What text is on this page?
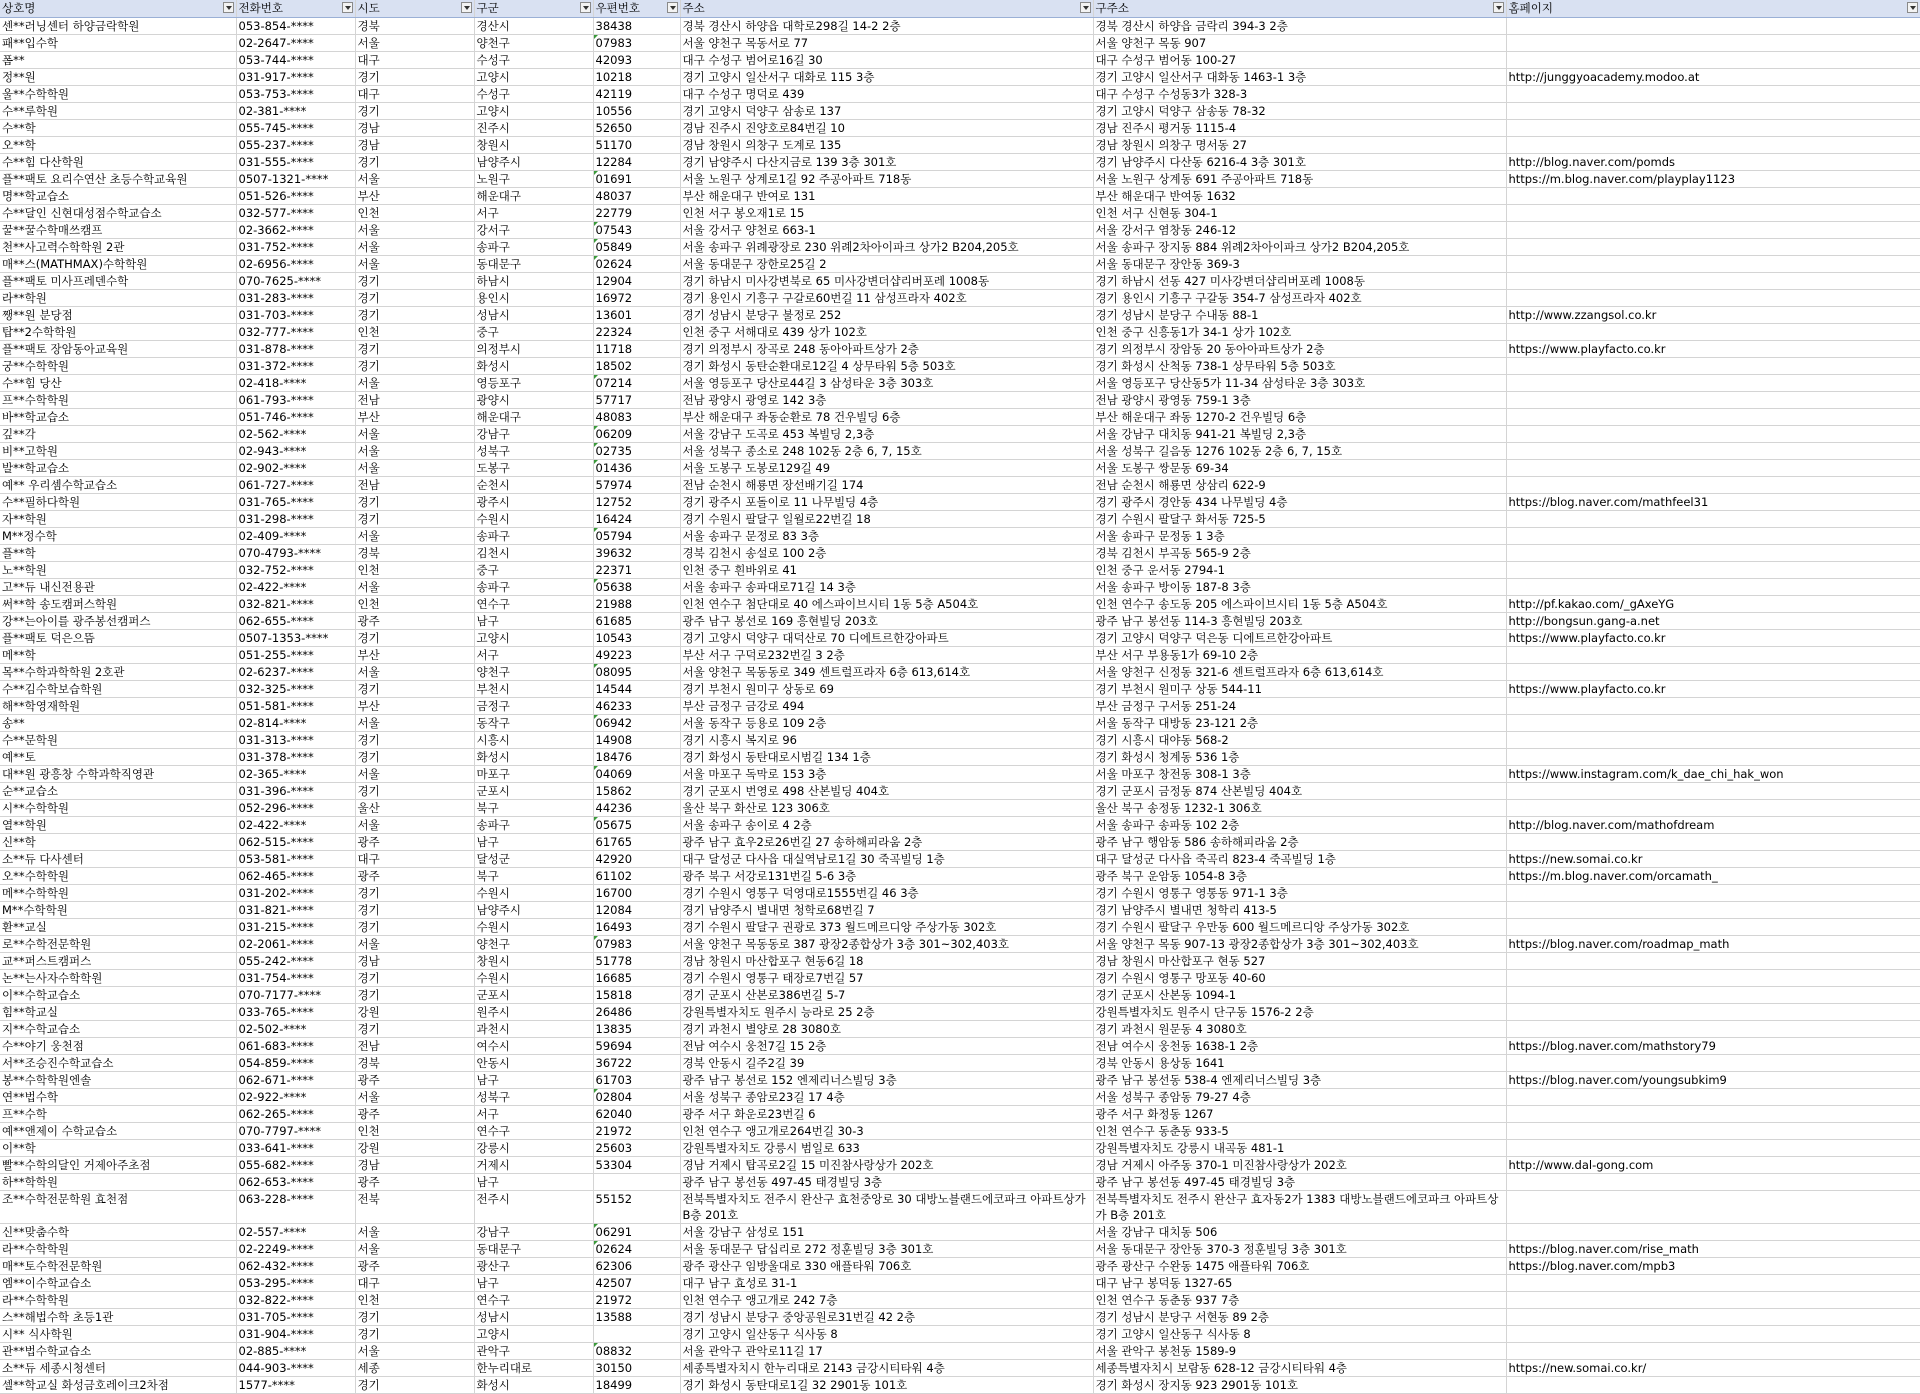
상호명	전화번호	시도	구군	우편번호	주소	구주소	홈페이지

센**러닝센터 하양금락학원	053-854-****	경북	경산시	38438	경북 경산시 하양읍 대학로298길 14-2 2층	경북 경산시 하양읍 금락리 394-3 2층	
패**입수학	02-2647-****	서울	양천구	07983	서울 양천구 목동서로 77	서울 양천구 목동 907	
폼**	053-744-****	대구	수성구	42093	대구 수성구 범어로16길 30	대구 수성구 범어동 100-27	
정**원	031-917-****	경기	고양시	10218	경기 고양시 일산서구 대화로 115 3층	경기 고양시 일산서구 대화동 1463-1 3층	http://junggyoacademy.modoo.at
울**수학학원	053-753-****	대구	수성구	42119	대구 수성구 명덕로 439	대구 수성구 수성동3가 328-3	
수**루학원	02-381-****	경기	고양시	10556	경기 고양시 덕양구 삼송로 137	경기 고양시 덕양구 삼송동 78-32	
수**학	055-745-****	경남	진주시	52650	경남 진주시 진양호로84번길 10	경남 진주시 평거동 1115-4	
오**학	055-237-****	경남	창원시	51170	경남 창원시 의창구 도계로 135	경남 창원시 의창구 명서동 27	
수**힘 다산학원	031-555-****	경기	남양주시	12284	경기 남양주시 다산지금로 139 3층 301호	경기 남양주시 다산동 6216-4 3층 301호	http://blog.naver.com/pomds
플**팩토 요리수연산 초등수학교육원	0507-1321-****	서울	노원구	01691	서울 노원구 상계로1길 92 주공아파트 718동	서울 노원구 상계동 691 주공아파트 718동	https://m.blog.naver.com/playplay1123
명**학교습소	051-526-****	부산	해운대구	48037	부산 해운대구 반여로 131	부산 해운대구 반여동 1632	
수**달인 신현대성점수학교습소	032-577-****	인천	서구	22779	인천 서구 봉오재1로 15	인천 서구 신현동 304-1	
꿀**꿀수학매쓰캠프	02-3662-****	서울	강서구	07543	서울 강서구 양천로 663-1	서울 강서구 염창동 246-12	
천**사고력수학학원 2관	031-752-****	서울	송파구	05849	서울 송파구 위례광장로 230 위례2차아이파크 상가2 B204,205호	서울 송파구 장지동 884 위례2차아이파크 상가2 B204,205호	
매**스(MATHMAX)수학학원	02-6956-****	서울	동대문구	02624	서울 동대문구 장한로25길 2	서울 동대문구 장안동 369-3	
플**팩토 미사프레덴수학	070-7625-****	경기	하남시	12904	경기 하남시 미사강변북로 65 미사강변더샵리버포레 1008동	경기 하남시 선동 427 미사강변더샵리버포레 1008동	
라**학원	031-283-****	경기	용인시	16972	경기 용인시 기흥구 구갈로60번길 11 삼성프라자 402호	경기 용인시 기흥구 구갈동 354-7 삼성프라자 402호	
쨍**원 분당점	031-703-****	경기	성남시	13601	경기 성남시 분당구 불정로 252	경기 성남시 분당구 수내동 88-1	http://www.zzangsol.co.kr
탑**2수학학원	032-777-****	인천	중구	22324	인천 중구 서해대로 439 상가 102호	인천 중구 신흥동1가 34-1 상가 102호	
플**팩토 장암동아교육원	031-878-****	경기	의정부시	11718	경기 의정부시 장곡로 248 동아아파트상가 2층	경기 의정부시 장암동 20 동아아파트상가 2층	https://www.playfacto.co.kr
궁**수학학원	031-372-****	경기	화성시	18502	경기 화성시 동탄순환대로12길 4 상무타워 5층 503호	경기 화성시 산척동 738-1 상무타워 5층 503호	
수**힘 당산	02-418-****	서울	영등포구	07214	서울 영등포구 당산로44길 3 삼성타운 3층 303호	서울 영등포구 당산동5가 11-34 삼성타운 3층 303호	
프**수학학원	061-793-****	전남	광양시	57717	전남 광양시 광영로 142 3층	전남 광양시 광영동 759-1 3층	
바**학교습소	051-746-****	부산	해운대구	48083	부산 해운대구 좌동순환로 78 건우빌딩 6층	부산 해운대구 좌동 1270-2 건우빌딩 6층	
깊**각	02-562-****	서울	강남구	06209	서울 강남구 도곡로 453 복빌딩 2,3층	서울 강남구 대치동 941-21 복빌딩 2,3층	
비**고학원	02-943-****	서울	성북구	02735	서울 성북구 종소로 248 102동 2층 6, 7, 15호	서울 성북구 길음동 1276 102동 2층 6, 7, 15호	
발**학교습소	02-902-****	서울	도봉구	01436	서울 도봉구 도봉로129길 49	서울 도봉구 쌍문동 69-34	
예** 우리셈수학교습소	061-727-****	전남	순천시	57974	전남 순천시 해룡면 장선배기길 174	전남 순천시 해룡면 상삼리 622-9	
수**필하다학원	031-765-****	경기	광주시	12752	경기 광주시 포돌이로 11 나무빌딩 4층	경기 광주시 경안동 434 나무빌딩 4층	https://blog.naver.com/mathfeel31
자**학원	031-298-****	경기	수원시	16424	경기 수원시 팔달구 일월로22번길 18	경기 수원시 팔달구 화서동 725-5	
M**정수학	02-409-****	서울	송파구	05794	서울 송파구 문정로 83 3층	서울 송파구 문정동 1 3층	
플**학	070-4793-****	경북	김천시	39632	경북 김천시 송설로 100 2층	경북 김천시 부곡동 565-9 2층	
노**학원	032-752-****	인천	중구	22371	인천 중구 흰바위로 41	인천 중구 운서동 2794-1	
고**듀 내신전용관	02-422-****	서울	송파구	05638	서울 송파구 송파대로71길 14 3층	서울 송파구 방이동 187-8 3층	
써**학 송도캠퍼스학원	032-821-****	인천	연수구	21988	인천 연수구 첨단대로 40 에스파이브시티 1동 5층 A504호	인천 연수구 송도동 205 에스파이브시티 1동 5층 A504호	http://pf.kakao.com/_gAxeYG
강**는아이를 광주봉선캠퍼스	062-655-****	광주	남구	61685	광주 남구 봉선로 169 흥현빌딩 203호	광주 남구 봉선동 114-3 흥현빌딩 203호	http://bongsun.gang-a.net
플**팩토 덕은으뜸	0507-1353-****	경기	고양시	10543	경기 고양시 덕양구 대덕산로 70 디에트르한강아파트	경기 고양시 덕양구 덕은동 디에트르한강아파트	https://www.playfacto.co.kr
메**학	051-255-****	부산	서구	49223	부산 서구 구덕로232번길 3 2층	부산 서구 부용동1가 69-10 2층	
목**수학과학학원 2호관	02-6237-****	서울	양천구	08095	서울 양천구 목동동로 349 센트럴프라자 6층 613,614호	서울 양천구 신정동 321-6 센트럴프라자 6층 613,614호	
수**김수학보습학원	032-325-****	경기	부천시	14544	경기 부천시 원미구 상동로 69	경기 부천시 원미구 상동 544-11	https://www.playfacto.co.kr
해**학영재학원	051-581-****	부산	금정구	46233	부산 금정구 금강로 494	부산 금정구 구서동 251-24	
송**	02-814-****	서울	동작구	06942	서울 동작구 등용로 109 2층	서울 동작구 대방동 23-121 2층	
수**문학원	031-313-****	경기	시흥시	14908	경기 시흥시 복지로 96	경기 시흥시 대야동 568-2	
예**토	031-378-****	경기	화성시	18476	경기 화성시 동탄대로시범길 134 1층	경기 화성시 청계동 536 1층	
대**원 광흥창 수학과학직영관	02-365-****	서울	마포구	04069	서울 마포구 독막로 153 3층	서울 마포구 창전동 308-1 3층	https://www.instagram.com/k_dae_chi_hak_won
순**교습소	031-396-****	경기	군포시	15862	경기 군포시 번영로 498 산본빌딩 404호	경기 군포시 금정동 874 산본빌딩 404호	
시**수학학원	052-296-****	울산	북구	44236	울산 북구 화산로 123 306호	울산 북구 송정동 1232-1 306호	
열**학원	02-422-****	서울	송파구	05675	서울 송파구 송이로 4 2층	서울 송파구 송파동 102 2층	http://blog.naver.com/mathofdream
신**학	062-515-****	광주	남구	61765	광주 남구 효우2로26번길 27 송하해피라움 2층	광주 남구 행암동 586 송하해피라움 2층	
소**듀 다사센터	053-581-****	대구	달성군	42920	대구 달성군 다사읍 대실역남로1길 30 죽곡빌딩 1층	대구 달성군 다사읍 죽곡리 823-4 죽곡빌딩 1층	https://new.somai.co.kr
오**수학학원	062-465-****	광주	북구	61102	광주 북구 서강로131번길 5-6 3층	광주 북구 운암동 1054-8 3층	https://m.blog.naver.com/orcamath_
메**수학학원	031-202-****	경기	수원시	16700	경기 수원시 영통구 덕영대로1555번길 46 3층	경기 수원시 영통구 영통동 971-1 3층	
M**수학학원	031-821-****	경기	남양주시	12084	경기 남양주시 별내면 청학로68번길 7	경기 남양주시 별내면 청학리 413-5	
환**교실	031-215-****	경기	수원시	16493	경기 수원시 팔달구 권광로 373 월드메르디앙 주상가동 302호	경기 수원시 팔달구 우만동 600 월드메르디앙 주상가동 302호	
로**수학전문학원	02-2061-****	서울	양천구	07983	서울 양천구 목동동로 387 광장2종합상가 3층 301~302,403호	서울 양천구 목동 907-13 광장2종합상가 3층 301~302,403호	https://blog.naver.com/roadmap_math
교**퍼스트캠퍼스	055-242-****	경남	창원시	51778	경남 창원시 마산합포구 현동6길 18	경남 창원시 마산합포구 현동 527	
논**는사자수학학원	031-754-****	경기	수원시	16685	경기 수원시 영통구 태장로7번길 57	경기 수원시 영통구 망포동 40-60	
이**수학교습소	070-7177-****	경기	군포시	15818	경기 군포시 산본로386번길 5-7	경기 군포시 산본동 1094-1	
힘**학교실	033-765-****	강원	원주시	26486	강원특별자치도 원주시 능라로 25 2층	강원특별자치도 원주시 단구동 1576-2 2층	
지**수학교습소	02-502-****	경기	과천시	13835	경기 과천시 별양로 28 3080호	경기 과천시 원문동 4 3080호	
수**야기 웅천점	061-683-****	전남	여수시	59694	전남 여수시 웅천7길 15 2층	전남 여수시 웅천동 1638-1 2층	https://blog.naver.com/mathstory79
서**조승진수학교습소	054-859-****	경북	안동시	36722	경북 안동시 길주2길 39	경북 안동시 용상동 1641	
봉**수학학원엔솔	062-671-****	광주	남구	61703	광주 남구 봉선로 152 엔제리너스빌딩 3층	광주 남구 봉선동 538-4 엔제리너스빌딩 3층	https://blog.naver.com/youngsubkim9
연**법수학	02-922-****	서울	성북구	02804	서울 성북구 종암로23길 17 4층	서울 성북구 종암동 79-27 4층	
프**수학	062-265-****	광주	서구	62040	광주 서구 화운로23번길 6	광주 서구 화정동 1267	
예**앤제이 수학교습소	070-7797-****	인천	연수구	21972	인천 연수구 앵고개로264번길 30-3	인천 연수구 동춘동 933-5	
이**학	033-641-****	강원	강릉시	25603	강원특별자치도 강릉시 범일로 633	강원특별자치도 강릉시 내곡동 481-1	
빨**수학의달인 거제아주초점	055-682-****	경남	거제시	53304	경남 거제시 탑곡로2길 15 미진참사랑상가 202호	경남 거제시 아주동 370-1 미진참사랑상가 202호	http://www.dal-gong.com
하**학학원	062-653-****	광주	남구		광주 남구 봉선동 497-45 태경빌딩 3층	광주 남구 봉선동 497-45 태경빌딩 3층	
조**수학전문학원 효천점	063-228-****	전북	전주시	55152	전북특별자치도 전주시 완산구 효천중앙로 30 대방노블랜드에코파크 아파트상가 B층 201호	전북특별자치도 전주시 완산구 효자동2가 1383 대방노블랜드에코파크 아파트상가 B층 201호	
신**맞춤수학	02-557-****	서울	강남구	06291	서울 강남구 삼성로 151	서울 강남구 대치동 506	
라**수학학원	02-2249-****	서울	동대문구	02624	서울 동대문구 답십리로 272 정훈빌딩 3층 301호	서울 동대문구 장안동 370-3 정훈빌딩 3층 301호	https://blog.naver.com/rise_math
매**토수학전문학원	062-432-****	광주	광산구	62306	광주 광산구 임방울대로 330 애플타워 706호	광주 광산구 수완동 1475 애플타워 706호	https://blog.naver.com/mpb3
엠**이수학교습소	053-295-****	대구	남구	42507	대구 남구 효성로 31-1	대구 남구 봉덕동 1327-65	
라**수학학원	032-822-****	인천	연수구	21972	인천 연수구 앵고개로 242 7층	인천 연수구 동춘동 937 7층	
스**해법수학 초등1관	031-705-****	경기	성남시	13588	경기 성남시 분당구 중앙공원로31번길 42 2층	경기 성남시 분당구 서현동 89 2층	
시** 식사학원	031-904-****	경기	고양시		경기 고양시 일산동구 식사동 8	경기 고양시 일산동구 식사동 8	
관**법수학교습소	02-885-****	서울	관악구	08832	서울 관악구 관악로11길 17	서울 관악구 봉천동 1589-9	
소**듀 세종시청센터	044-903-****	세종	한누리대로	30150	세종특별자치시 한누리대로 2143 금강시티타워 4층	세종특별자치시 보람동 628-12 금강시티타워 4층	https://new.somai.co.kr/
셀**학교실 화성금호레이크2차점	1577-****	경기	화성시	18499	경기 화성시 동탄대로1길 32 2901동 101호	경기 화성시 장지동 923 2901동 101호	
